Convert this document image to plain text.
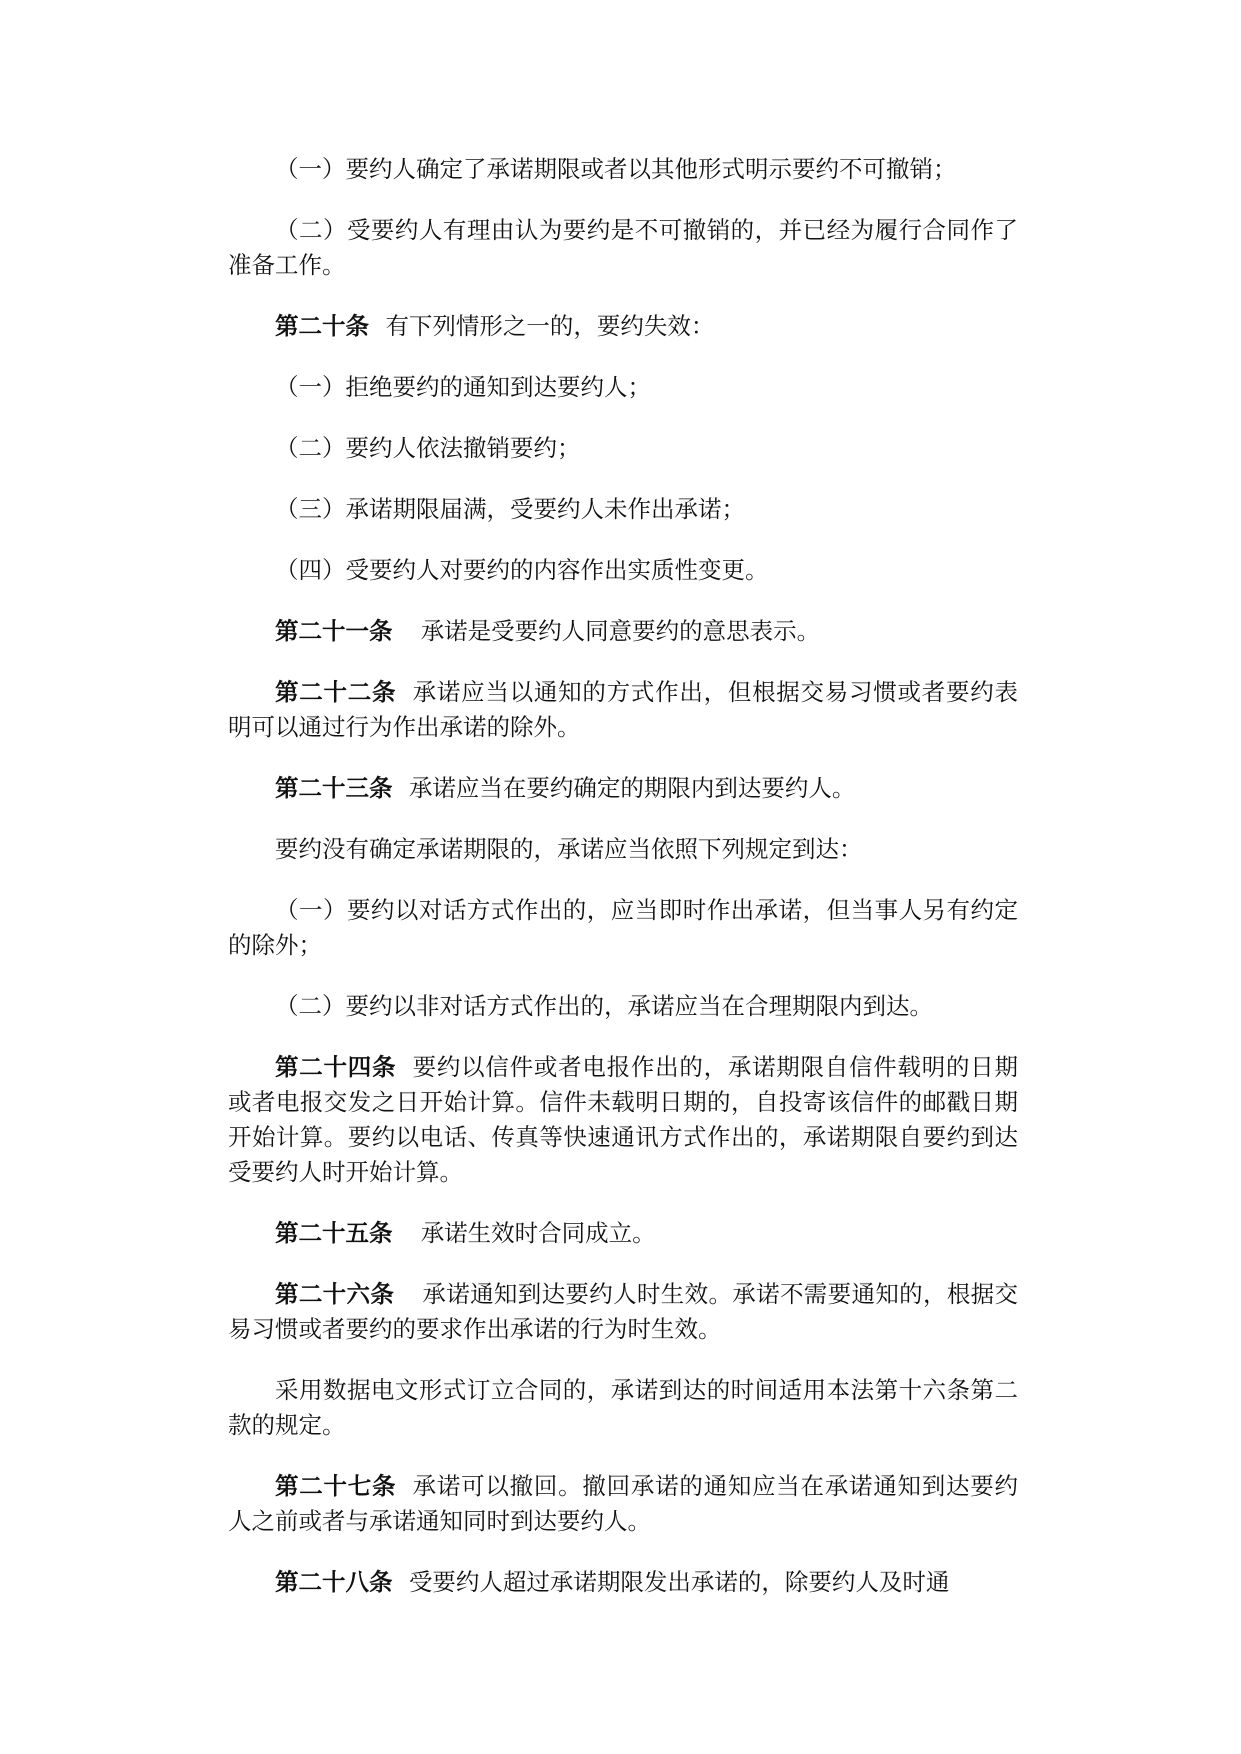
（一）要约人确定了承诺期限或者以其他形式明示要约不可撤销；

（二）受要约人有理由认为要约是不可撤销的，并已经为履行合同作了准备工作。

第二十条 有下列情形之一的，要约失效：

（一）拒绝要约的通知到达要约人；

（二）要约人依法撤销要约；

（三）承诺期限届满，受要约人未作出承诺；

（四）受要约人对要约的内容作出实质性变更。

第二十一条 承诺是受要约人同意要约的意思表示。

第二十二条 承诺应当以通知的方式作出，但根据交易习惯或者要约表明可以通过行为作出承诺的除外。

第二十三条 承诺应当在要约确定的期限内到达要约人。

要约没有确定承诺期限的，承诺应当依照下列规定到达：

（一）要约以对话方式作出的，应当即时作出承诺，但当事人另有约定的除外；

（二）要约以非对话方式作出的，承诺应当在合理期限内到达。

第二十四条 要约以信件或者电报作出的，承诺期限自信件载明的日期或者电报交发之日开始计算。信件未载明日期的，自投寄该信件的邮戳日期开始计算。要约以电话、传真等快速通讯方式作出的，承诺期限自要约到达受要约人时开始计算。

第二十五条 承诺生效时合同成立。

第二十六条 承诺通知到达要约人时生效。承诺不需要通知的，根据交易习惯或者要约的要求作出承诺的行为时生效。

采用数据电文形式订立合同的，承诺到达的时间适用本法第十六条第二款的规定。

第二十七条 承诺可以撤回。撤回承诺的通知应当在承诺通知到达要约人之前或者与承诺通知同时到达要约人。

第二十八条 受要约人超过承诺期限发出承诺的，除要约人及时通
